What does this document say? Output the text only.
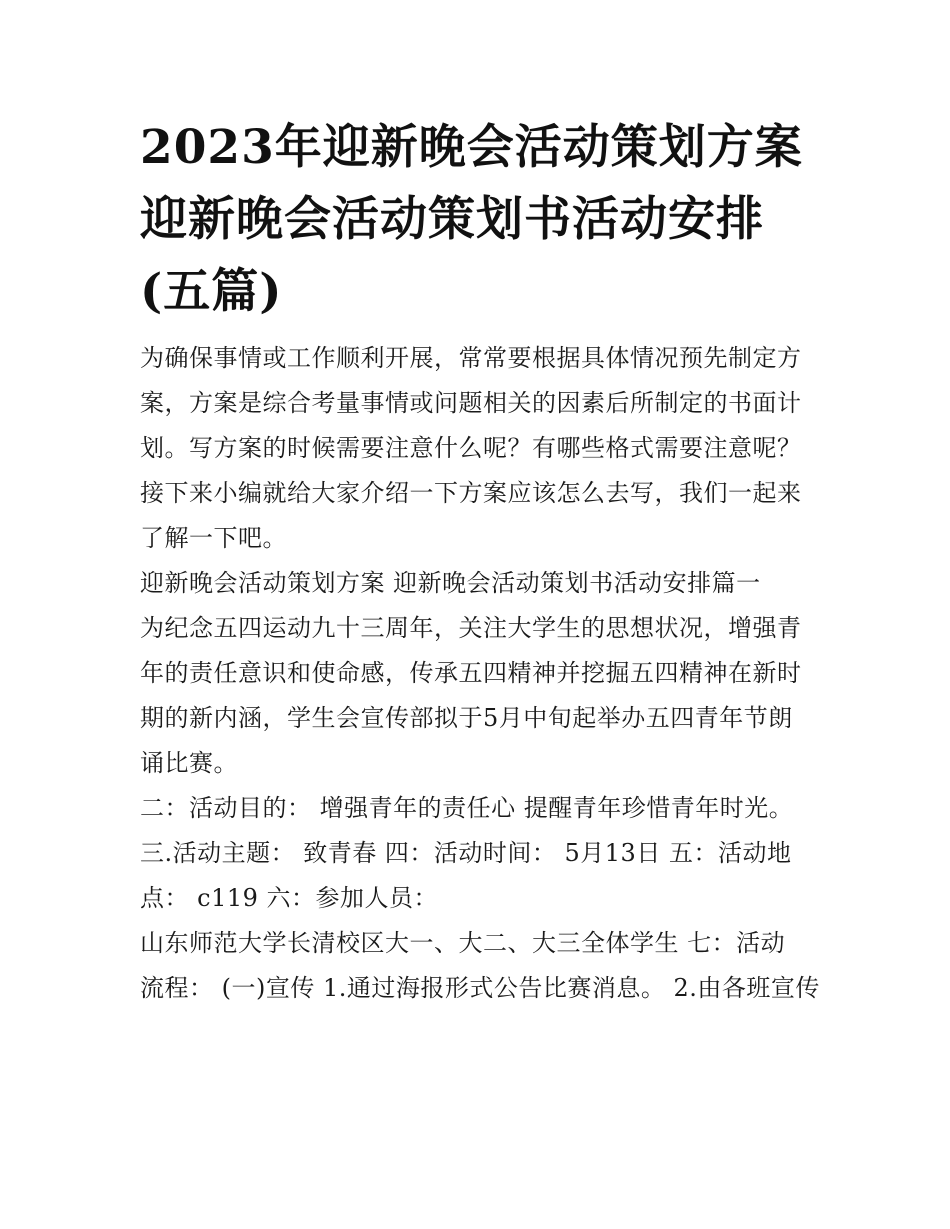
2023年迎新晚会活动策划方案
迎新晚会活动策划书活动安排
(五篇)

为确保事情或工作顺利开展，常常要根据具体情况预先制定方
案，方案是综合考量事情或问题相关的因素后所制定的书面计
划。写方案的时候需要注意什么呢？有哪些格式需要注意呢？
接下来小编就给大家介绍一下方案应该怎么去写，我们一起来
了解一下吧。

迎新晚会活动策划方案 迎新晚会活动策划书活动安排篇一

为纪念五四运动九十三周年，关注大学生的思想状况，增强青
年的责任意识和使命感，传承五四精神并挖掘五四精神在新时
期的新内涵，学生会宣传部拟于5月中旬起举办五四青年节朗
诵比赛。

二：活动目的： 增强青年的责任心 提醒青年珍惜青年时光。
三.活动主题： 致青春 四：活动时间： 5月13日 五：活动地
点： c119 六：参加人员：

山东师范大学长清校区大一、大二、大三全体学生 七：活动
流程： (一)宣传 1.通过海报形式公告比赛消息。 2.由各班宣传
